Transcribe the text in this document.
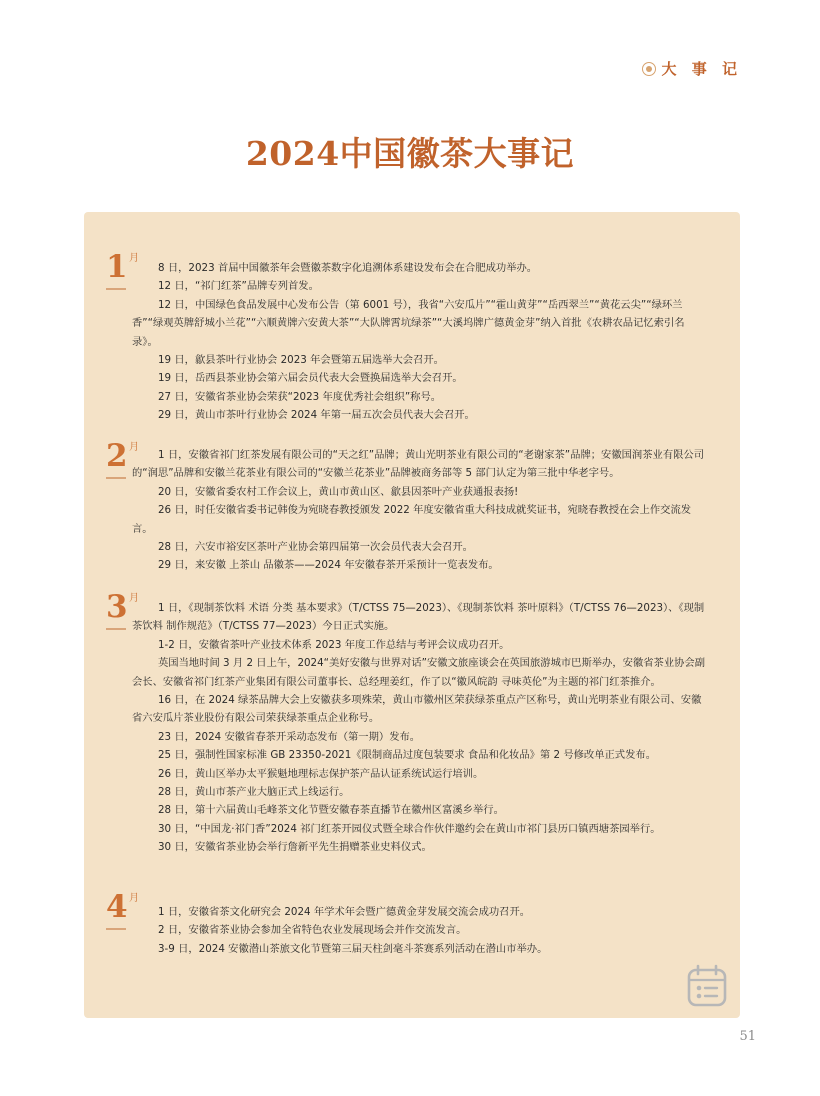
大 事 记
2024中国徽茶大事记
1 月

8 日，2023 首届中国徽茶年会暨徽茶数字化追溯体系建设发布会在合肥成功举办。

12 日，“祁门红茶”品牌专列首发。

12 日，中国绿色食品发展中心发布公告（第 6001 号），我省“六安瓜片”“霍山黄芽”“岳西翠兰”“黄花云尖”“绿环兰香”“绿观英牌舒城小兰花”“六顺黄牌六安黄大茶”“大队牌霄坑绿茶”“大溪坞牌广德黄金芽”纳入首批《农耕农品记忆索引名录》。

19 日，歙县茶叶行业协会 2023 年会暨第五届选举大会召开。

19 日，岳西县茶业协会第六届会员代表大会暨换届选举大会召开。

27 日，安徽省茶业协会荣获“2023 年度优秀社会组织”称号。

29 日，黄山市茶叶行业协会 2024 年第一届五次会员代表大会召开。

2 月

1 日，安徽省祁门红茶发展有限公司的“天之红”品牌；黄山光明茶业有限公司的“老谢家茶”品牌；安徽国润茶业有限公司的“润思”品牌和安徽兰花茶业有限公司的“安徽兰花茶业”品牌被商务部等 5 部门认定为第三批中华老字号。

20 日，安徽省委农村工作会议上，黄山市黄山区、歙县因茶叶产业获通报表扬!

26 日，时任安徽省委书记韩俊为宛晓春教授颁发 2022 年度安徽省重大科技成就奖证书，宛晓春教授在会上作交流发言。

28 日，六安市裕安区茶叶产业协会第四届第一次会员代表大会召开。

29 日，来安徽 上茶山 品徽茶——2024 年安徽春茶开采预计一览表发布。

3 月

1 日，《现制茶饮料 术语 分类 基本要求》（T/CTSS 75—2023）、《现制茶饮料 茶叶原料》（T/CTSS 76—2023）、《现制茶饮料 制作规范》（T/CTSS 77—2023）今日正式实施。

1-2 日，安徽省茶叶产业技术体系 2023 年度工作总结与考评会议成功召开。

英国当地时间 3 月 2 日上午，2024“美好安徽与世界对话”安徽文旅座谈会在英国旅游城市巴斯举办，安徽省茶业协会副会长、安徽省祁门红茶产业集团有限公司董事长、总经理姜红，作了以“徽风皖韵 寻味英伦”为主题的祁门红茶推介。

16 日，在 2024 绿茶品牌大会上安徽获多项殊荣，黄山市徽州区荣获绿茶重点产区称号，黄山光明茶业有限公司、安徽省六安瓜片茶业股份有限公司荣获绿茶重点企业称号。

23 日，2024 安徽省春茶开采动态发布（第一期）发布。

25 日，强制性国家标准 GB 23350-2021《限制商品过度包装要求 食品和化妆品》第 2 号修改单正式发布。

26 日，黄山区举办太平猴魁地理标志保护茶产品认证系统试运行培训。

28 日，黄山市茶产业大脑正式上线运行。

28 日，第十六届黄山毛峰茶文化节暨安徽春茶直播节在徽州区富溪乡举行。

30 日，“中国龙·祁门香”2024 祁门红茶开园仪式暨全球合作伙伴邀约会在黄山市祁门县历口镇西塘茶园举行。

30 日，安徽省茶业协会举行詹新平先生捐赠茶业史料仪式。

4 月

1 日，安徽省茶文化研究会 2024 年学术年会暨广德黄金芽发展交流会成功召开。

2 日，安徽省茶业协会参加全省特色农业发展现场会并作交流发言。

3-9 日，2024 安徽潜山茶旅文化节暨第三届天柱剑毫斗茶赛系列活动在潜山市举办。

51
